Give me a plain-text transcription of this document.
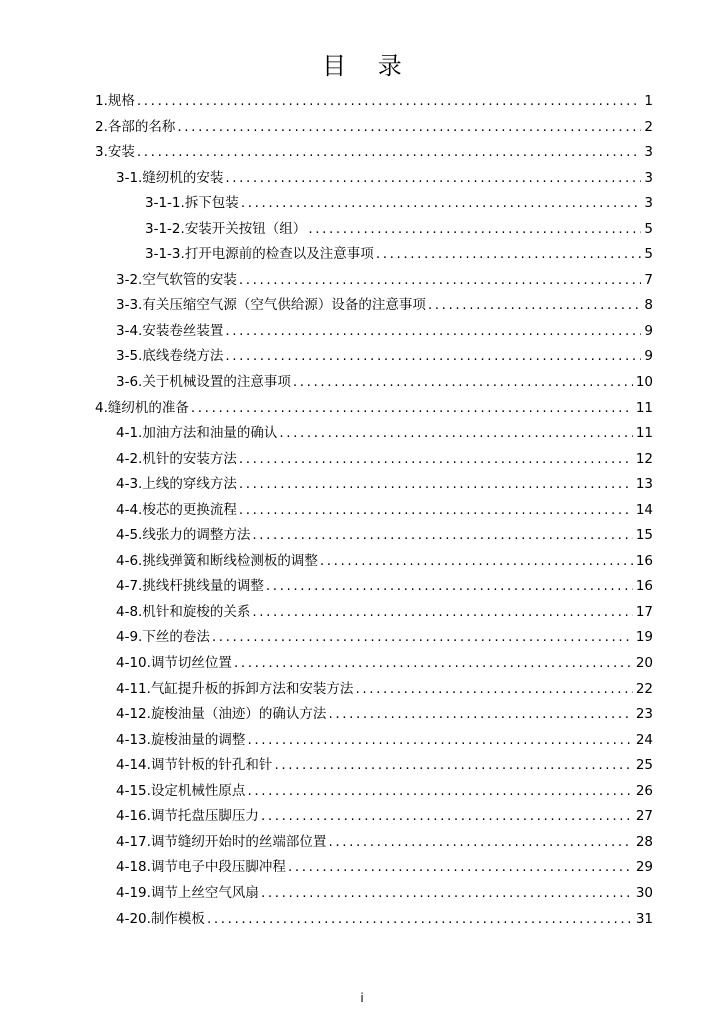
目 录
1. 规格 .....	1
2. 各部的名称 .....	2
3. 安装 .....	3
3-1. 缝纫机的安装 .....	3
3-1-1. 拆下包装 .....	3
3-1-2. 安装开关按钮（组） .....	5
3-1-3. 打开电源前的检查以及注意事项 .....	5
3-2. 空气软管的安装 .....	7
3-3. 有关压缩空气源（空气供给源）设备的注意事项 .....	8
3-4. 安装卷丝装置 .....	9
3-5. 底线卷绕方法 .....	9
3-6. 关于机械设置的注意事项 .....	10
4. 缝纫机的准备 .....	11
4-1. 加油方法和油量的确认 .....	11
4-2. 机针的安装方法 .....	12
4-3. 上线的穿线方法 .....	13
4-4. 梭芯的更换流程 .....	14
4-5. 线张力的调整方法 .....	15
4-6. 挑线弹簧和断线检测板的调整 .....	16
4-7. 挑线杆挑线量的调整 .....	16
4-8. 机针和旋梭的关系 .....	17
4-9. 下丝的卷法 .....	19
4-10. 调节切丝位置 .....	20
4-11. 气缸提升板的拆卸方法和安装方法 .....	22
4-12. 旋梭油量（油迹）的确认方法 .....	23
4-13. 旋梭油量的调整 .....	24
4-14. 调节针板的针孔和针 .....	25
4-15. 设定机械性原点 .....	26
4-16. 调节托盘压脚压力 .....	27
4-17. 调节缝纫开始时的丝端部位置 .....	28
4-18. 调节电子中段压脚冲程 .....	29
4-19. 调节上丝空气风扇 .....	30
4-20. 制作模板 .....	31
i
